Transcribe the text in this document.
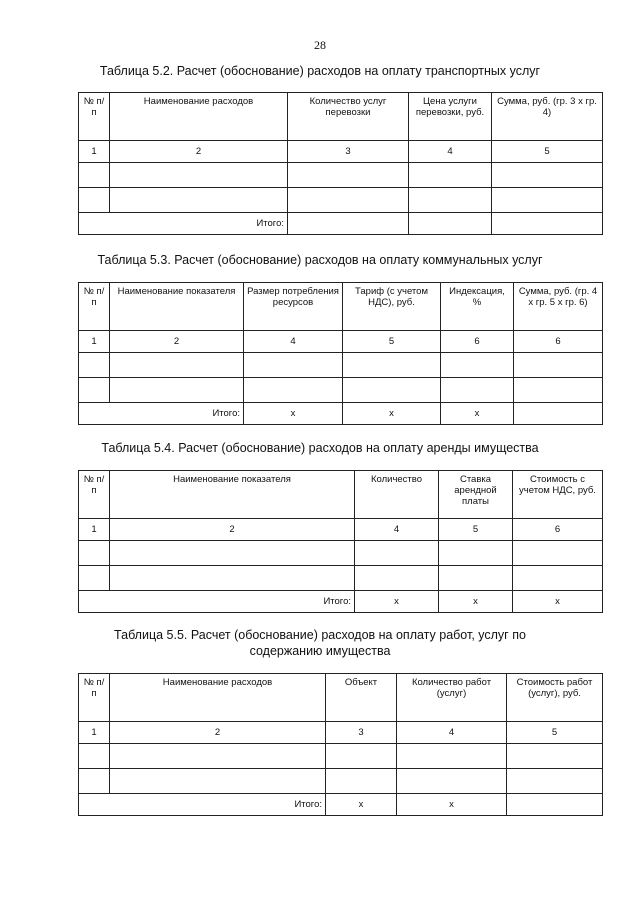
28
Таблица 5.2. Расчет (обоснование) расходов на оплату транспортных услуг
№ п/п	Наименование расходов	Количество услуг перевозки	Цена услуги перевозки, руб.	Сумма, руб. (гр. 3 х гр. 4)
1	2	3	4	5

Итого:				
Таблица 5.3. Расчет (обоснование) расходов на оплату коммунальных услуг
№ п/п	Наименование показателя	Размер потребления ресурсов	Тариф (с учетом НДС), руб.	Индексация, %	Сумма, руб. (гр. 4 х гр. 5 х гр. 6)
1	2	4	5	6	6

Итого:		х	х	х	
Таблица 5.4. Расчет (обоснование) расходов на оплату аренды имущества
№ п/п	Наименование показателя	Количество	Ставка арендной платы	Стоимость с учетом НДС, руб.
1	2	4	5	6

Итого:		х	х	х
Таблица 5.5. Расчет (обоснование) расходов на оплату работ, услуг по
содержанию имущества
№ п/п	Наименование расходов	Объект	Количество работ (услуг)	Стоимость работ (услуг), руб.
1	2	3	4	5

Итого:		х	х	
